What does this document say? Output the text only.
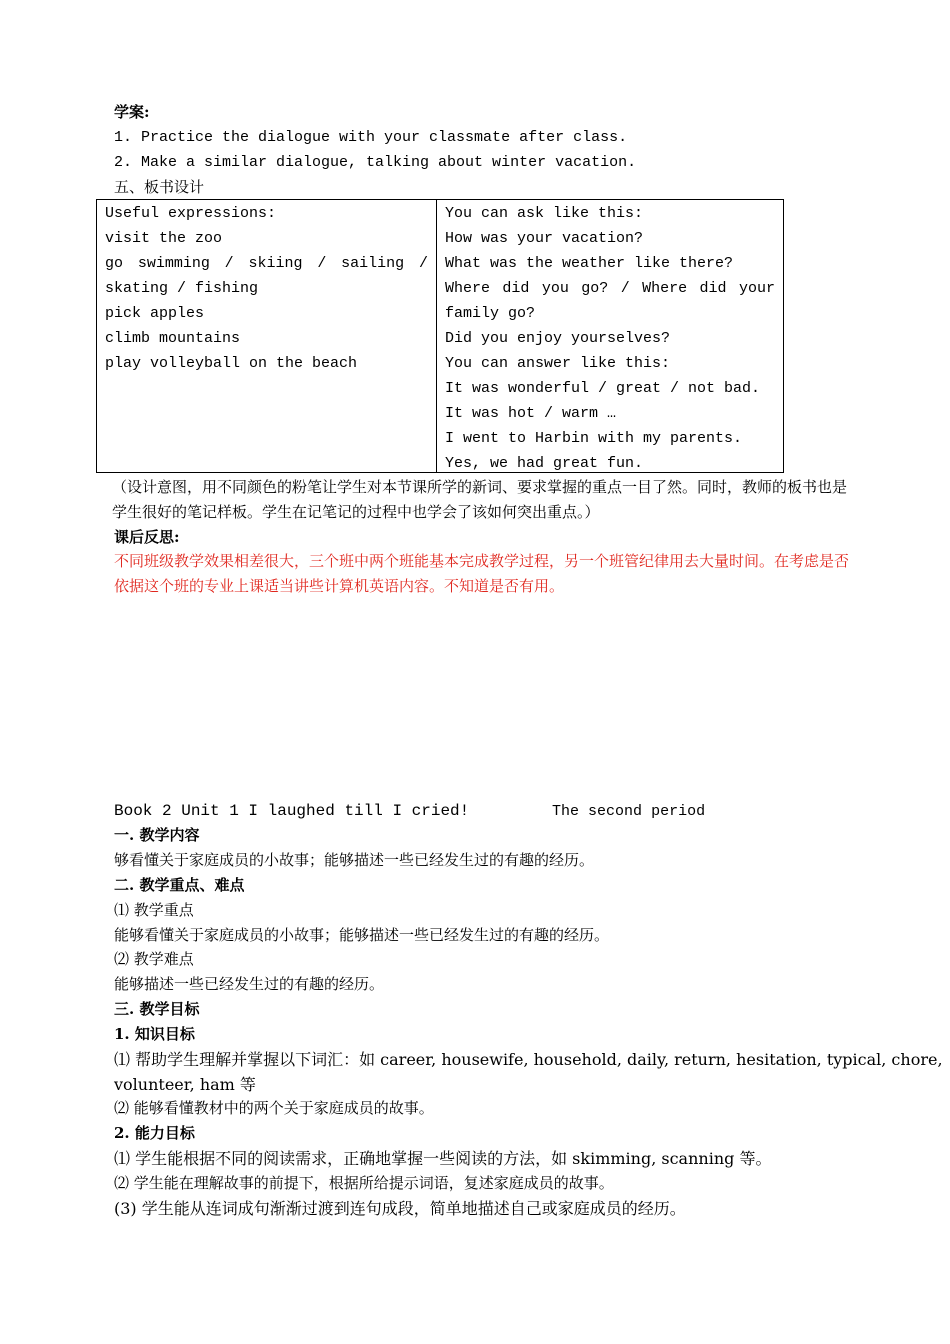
学案:
1. Practice the dialogue with your classmate after class.
2. Make a similar dialogue, talking about winter vacation.
五、板书设计
Useful expressions:
visit the zoo
go swimming / skiing / sailing /
skating / fishing
pick apples
climb mountains
play volleyball on the beach
You can ask like this:
How was your vacation?
What was the weather like there?
Where did you go? / Where did your
family go?
Did you enjoy yourselves?
You can answer like this:
It was wonderful / great / not bad.
It was hot / warm …
I went to Harbin with my parents.
Yes, we had great fun.
（设计意图，用不同颜色的粉笔让学生对本节课所学的新词、要求掌握的重点一目了然。同时，教师的板书也是学生很好的笔记样板。学生在记笔记的过程中也学会了该如何突出重点。）
课后反思:
不同班级教学效果相差很大，三个班中两个班能基本完成教学过程，另一个班管纪律用去大量时间。在考虑是否依据这个班的专业上课适当讲些计算机英语内容。不知道是否有用。
Book 2 Unit 1 I laughed till I cried!	The second period
一. 教学内容
够看懂关于家庭成员的小故事；能够描述一些已经发生过的有趣的经历。
二. 教学重点、难点
⑴ 教学重点
能够看懂关于家庭成员的小故事；能够描述一些已经发生过的有趣的经历。
⑵ 教学难点
能够描述一些已经发生过的有趣的经历。
三. 教学目标
1. 知识目标
⑴ 帮助学生理解并掌握以下词汇：如 career, housewife, household, daily, return, hesitation, typical, chore,
volunteer, ham 等
⑵ 能够看懂教材中的两个关于家庭成员的故事。
2. 能力目标
⑴ 学生能根据不同的阅读需求，正确地掌握一些阅读的方法，如 skimming, scanning 等。
⑵ 学生能在理解故事的前提下，根据所给提示词语，复述家庭成员的故事。
(3) 学生能从连词成句渐渐过渡到连句成段，简单地描述自己或家庭成员的经历。
